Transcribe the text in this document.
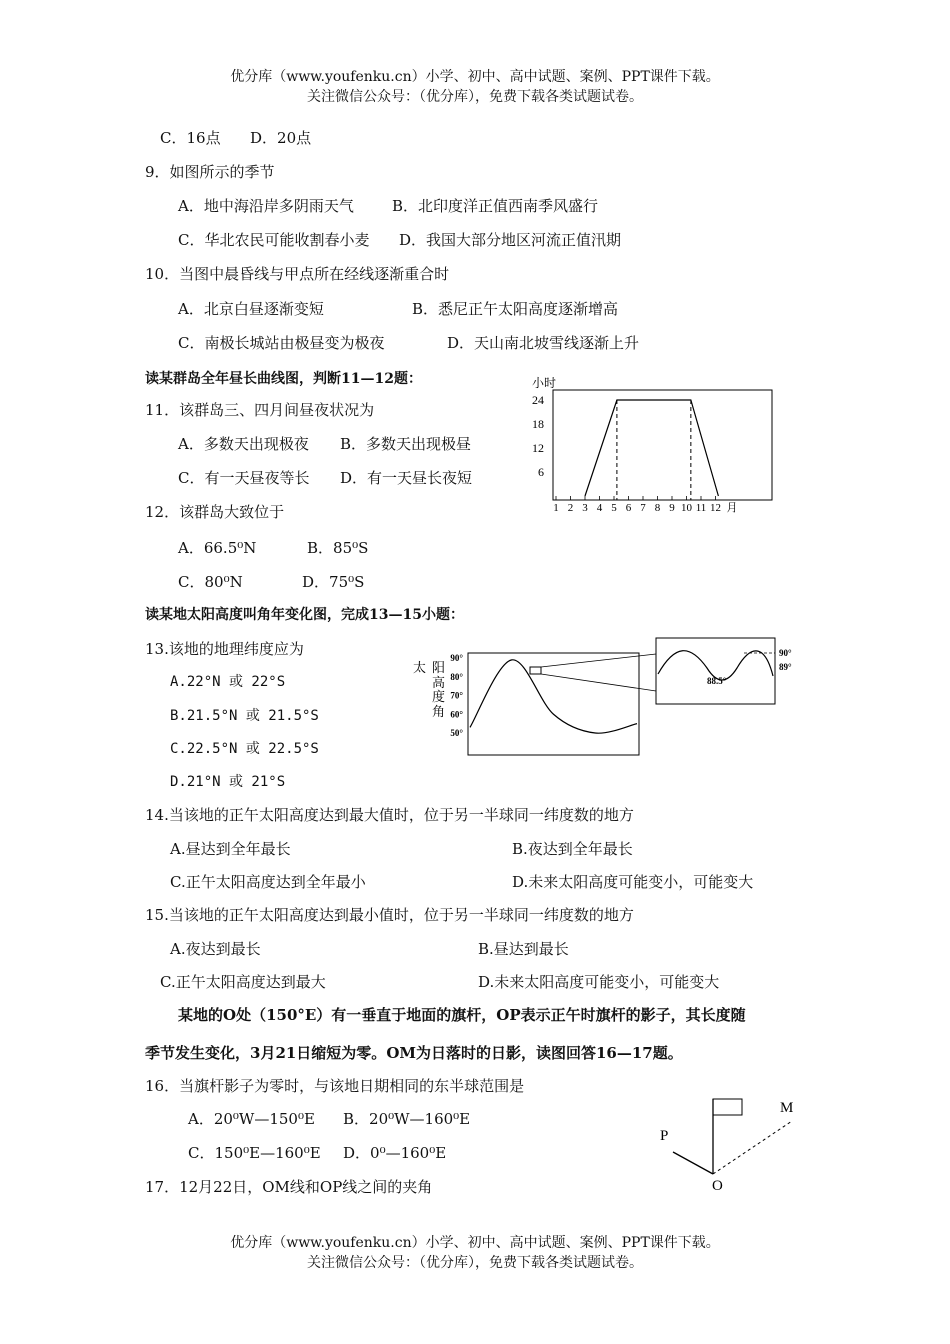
优分库（www.youfenku.cn）小学、初中、高中试题、案例、PPT课件下载。
关注微信公众号：（优分库），免费下载各类试题试卷。
C．16点 D．20点
9．如图所示的季节
A．地中海沿岸多阴雨天气	B．北印度洋正值西南季风盛行
C．华北农民可能收割春小麦 D．我国大部分地区河流正值汛期
10．当图中晨昏线与甲点所在经线逐渐重合时
A．北京白昼逐渐变短	B．悉尼正午太阳高度逐渐增高
C．南极长城站由极昼变为极夜	D．天山南北坡雪线逐渐上升
读某群岛全年昼长曲线图，判断11—12题：
11．该群岛三、四月间昼夜状况为
A．多数天出现极夜 B．多数天出现极昼
C．有一天昼夜等长 D．有一天昼长夜短
12．该群岛大致位于
A．66.5⁰N	B．85⁰S
C．80⁰N	D．75⁰S
小时
24
18
12
6
1 2 3 4 5 6 7 8 9 10 11 12 月
读某地太阳高度叫角年变化图，完成13—15小题：
13.该地的地理纬度应为
A.22°N 或 22°S
B.21.5°N 或 21.5°S
C.22.5°N 或 22.5°S
D.21°N 或 21°S
太 阳
高
度
角
90°
80°
70°
60°
50°
90°
89°
88.5°
14.当该地的正午太阳高度达到最大值时，位于另一半球同一纬度数的地方
A.昼达到全年最长	B.夜达到全年最长
C.正午太阳高度达到全年最小	D.未来太阳高度可能变小，可能变大
15.当该地的正午太阳高度达到最小值时，位于另一半球同一纬度数的地方
A.夜达到最长	B.昼达到最长
C.正午太阳高度达到最大	D.未来太阳高度可能变小，可能变大
某地的O处（150°E）有一垂直于地面的旗杆，OP表示正午时旗杆的影子，其长度随
季节发生变化，3月21日缩短为零。OM为日落时的日影，读图回答16—17题。
16．当旗杆影子为零时，与该地日期相同的东半球范围是
A．20⁰W—150⁰E B．20⁰W—160⁰E
C．150⁰E—160⁰E D．0⁰—160⁰E
17．12月22日，OM线和OP线之间的夹角
P
M
O
优分库（www.youfenku.cn）小学、初中、高中试题、案例、PPT课件下载。
关注微信公众号：（优分库），免费下载各类试题试卷。
